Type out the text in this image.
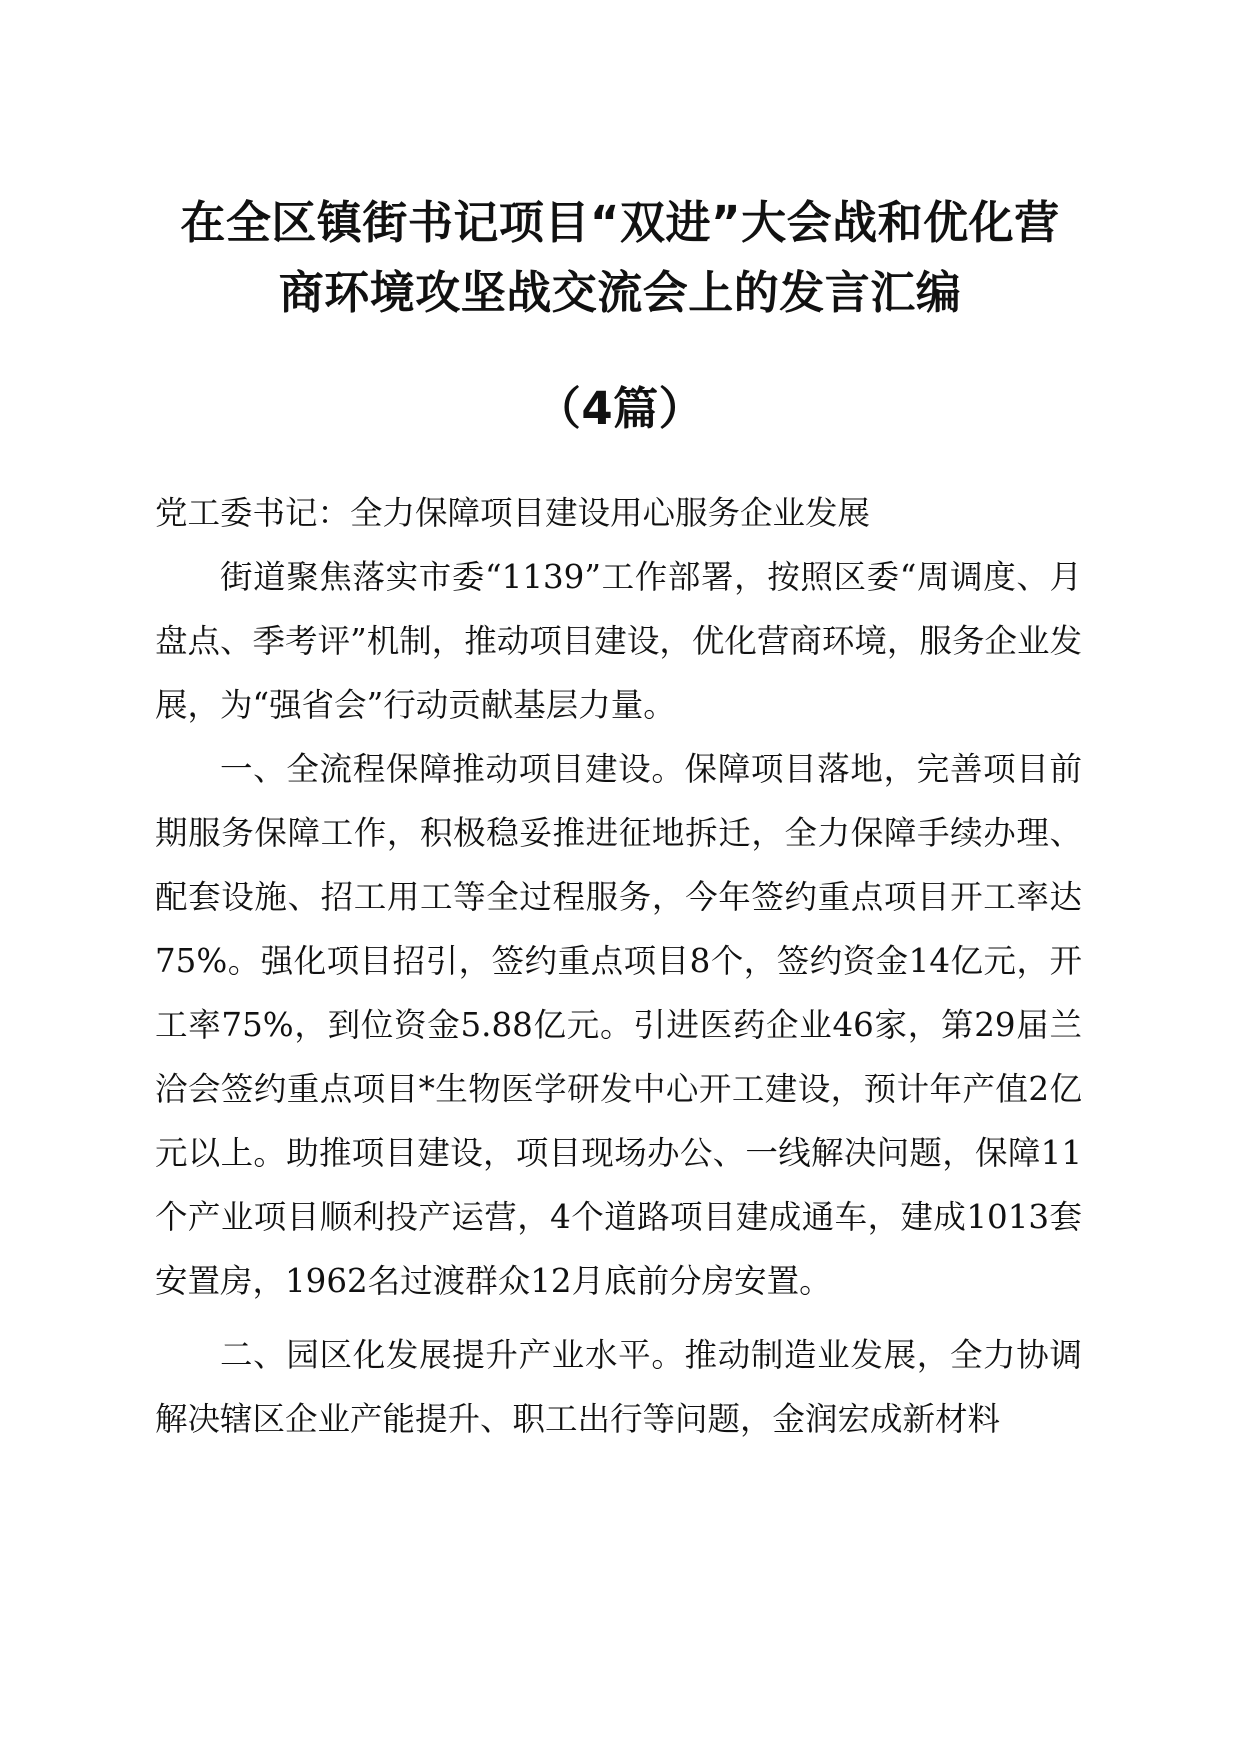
在全区镇街书记项目“双进”大会战和优化营
商环境攻坚战交流会上的发言汇编
（4篇）

党工委书记：全力保障项目建设用心服务企业发展

街道聚焦落实市委“1139”工作部署，按照区委“周调度、月盘点、季考评”机制，推动项目建设，优化营商环境，服务企业发展，为“强省会”行动贡献基层力量。

一、全流程保障推动项目建设。保障项目落地，完善项目前期服务保障工作，积极稳妥推进征地拆迁，全力保障手续办理、配套设施、招工用工等全过程服务，今年签约重点项目开工率达75%。强化项目招引，签约重点项目8个，签约资金14亿元，开工率75%，到位资金5.88亿元。引进医药企业46家，第29届兰洽会签约重点项目*生物医学研发中心开工建设，预计年产值2亿元以上。助推项目建设，项目现场办公、一线解决问题，保障11个产业项目顺利投产运营，4个道路项目建成通车，建成1013套安置房，1962名过渡群众12月底前分房安置。

二、园区化发展提升产业水平。推动制造业发展，全力协调解决辖区企业产能提升、职工出行等问题，金润宏成新材料
